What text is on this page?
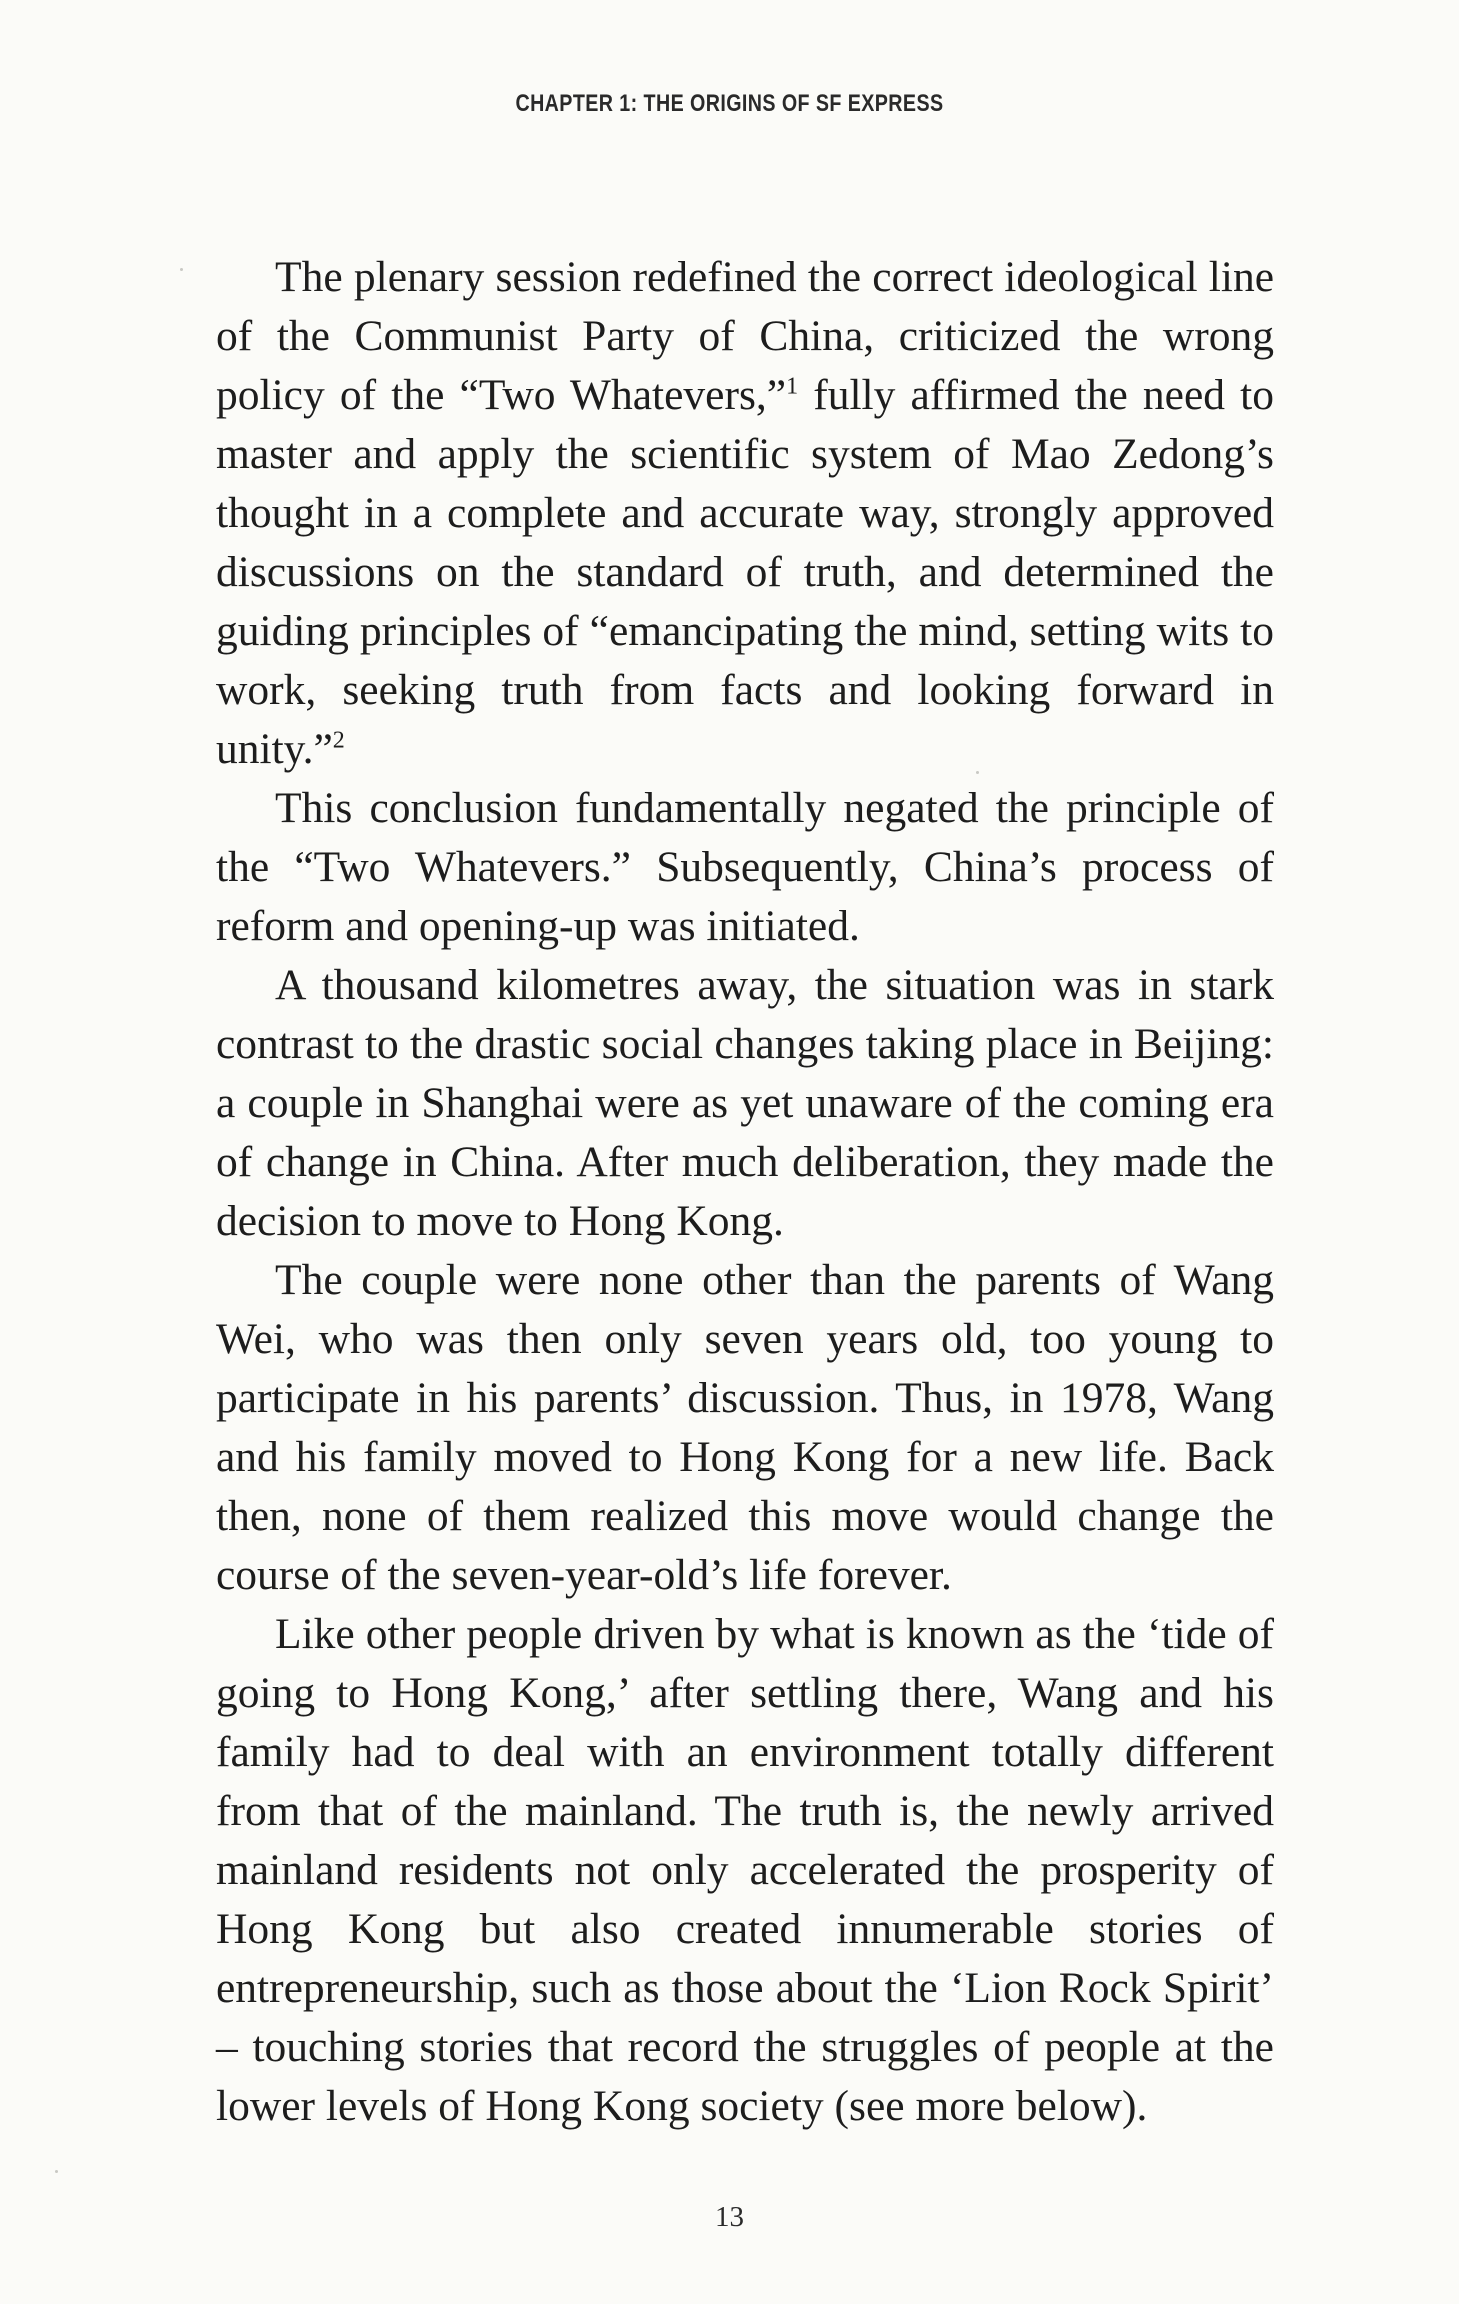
CHAPTER 1: THE ORIGINS OF SF EXPRESS

The plenary session redefined the correct ideological line of the Communist Party of China, criticized the wrong policy of the “Two Whatevers,”$^1$ fully affirmed the need to master and apply the scientific system of Mao Zedong’s thought in a complete and accurate way, strongly approved discussions on the standard of truth, and determined the guiding principles of “emancipating the mind, setting wits to work, seeking truth from facts and looking forward in unity.”$^2$

This conclusion fundamentally negated the principle of the “Two Whatevers.” Subsequently, China’s process of reform and opening-up was initiated.

A thousand kilometres away, the situation was in stark contrast to the drastic social changes taking place in Beijing: a couple in Shanghai were as yet unaware of the coming era of change in China. After much deliberation, they made the decision to move to Hong Kong.

The couple were none other than the parents of Wang Wei, who was then only seven years old, too young to participate in his parents’ discussion. Thus, in 1978, Wang and his family moved to Hong Kong for a new life. Back then, none of them realized this move would change the course of the seven-year-old’s life forever.

Like other people driven by what is known as the ‘tide of going to Hong Kong,’ after settling there, Wang and his family had to deal with an environment totally different from that of the mainland. The truth is, the newly arrived mainland residents not only accelerated the prosperity of Hong Kong but also created innumerable stories of entrepreneurship, such as those about the ‘Lion Rock Spirit’ – touching stories that record the struggles of people at the lower levels of Hong Kong society (see more below).

13
